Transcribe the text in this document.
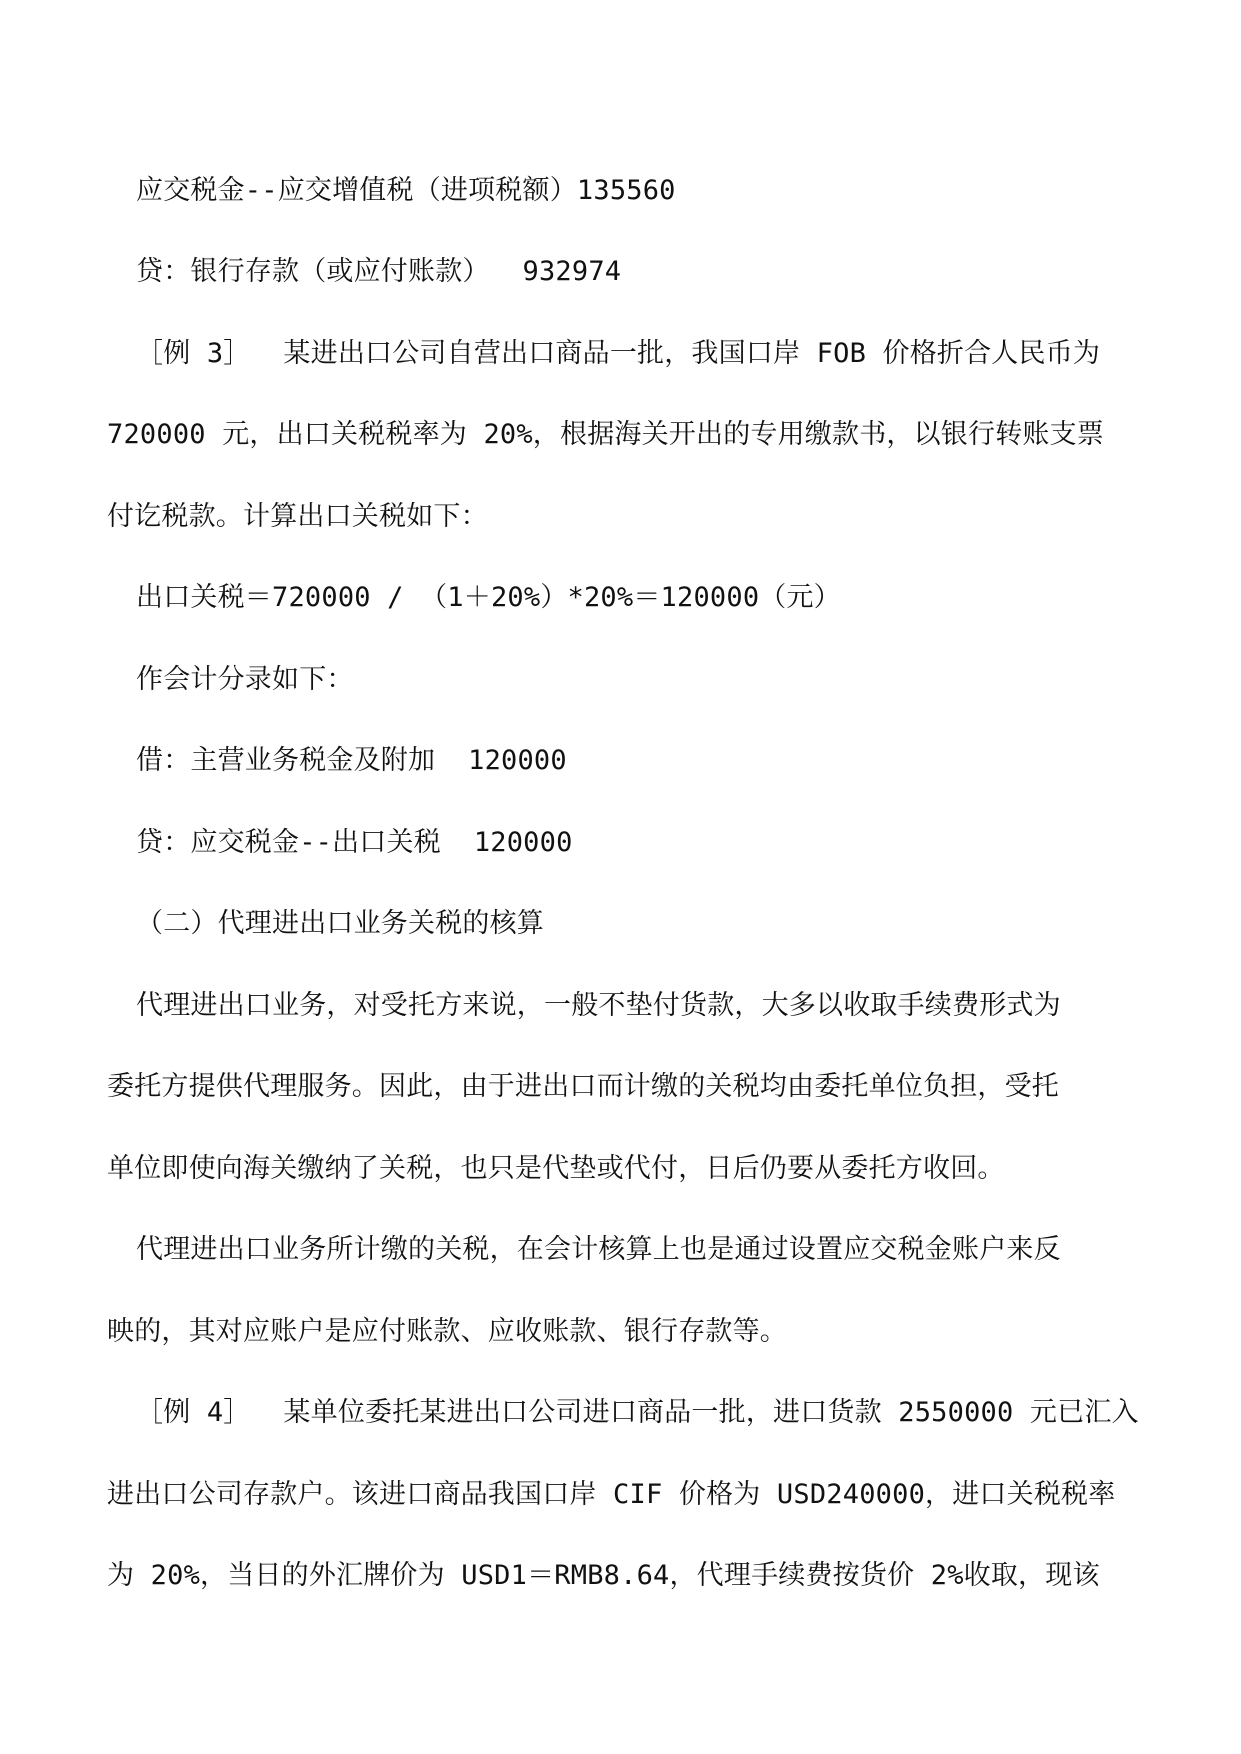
应交税金--应交增值税（进项税额）135560
贷：银行存款（或应付账款）  932974
［例 3］  某进出口公司自营出口商品一批，我国口岸 FOB 价格折合人民币为
720000 元，出口关税税率为 20%，根据海关开出的专用缴款书，以银行转账支票
付讫税款。计算出口关税如下：
出口关税＝720000 / （1＋20%）*20%＝120000（元）
作会计分录如下：
借：主营业务税金及附加  120000
贷：应交税金--出口关税  120000
（二）代理进出口业务关税的核算
代理进出口业务，对受托方来说，一般不垫付货款，大多以收取手续费形式为
委托方提供代理服务。因此，由于进出口而计缴的关税均由委托单位负担，受托
单位即使向海关缴纳了关税，也只是代垫或代付，日后仍要从委托方收回。
代理进出口业务所计缴的关税，在会计核算上也是通过设置应交税金账户来反
映的，其对应账户是应付账款、应收账款、银行存款等。
［例 4］  某单位委托某进出口公司进口商品一批，进口货款 2550000 元已汇入
进出口公司存款户。该进口商品我国口岸 CIF 价格为 USD240000，进口关税税率
为 20%，当日的外汇牌价为 USD1＝RMB8.64，代理手续费按货价 2%收取，现该
